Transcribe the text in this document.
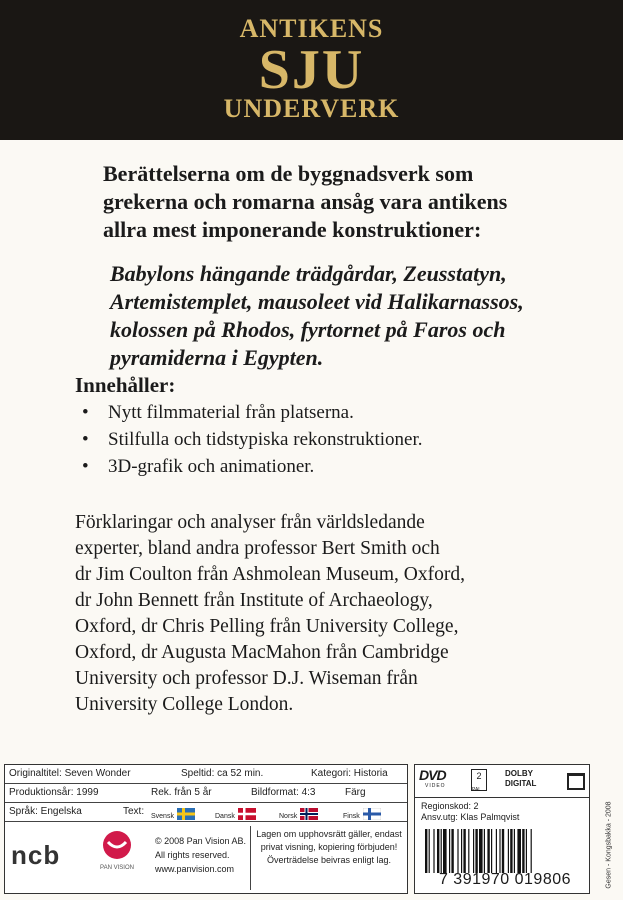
ANTIKENS
SJU
UNDERVERK
Berättelserna om de byggnadsverk som
grekerna och romarna ansåg vara antikens
allra mest imponerande konstruktioner:
Babylons hängande trädgårdar, Zeusstatyn,
Artemistemplet, mausoleet vid Halikarnassos,
kolossen på Rhodos, fyrtornet på Faros och
pyramiderna i Egypten.
Innehåller:
• Nytt filmmaterial från platserna.
• Stilfulla och tidstypiska rekonstruktioner.
• 3D-grafik och animationer.
Förklaringar och analyser från världsledande
experter, bland andra professor Bert Smith och
dr Jim Coulton från Ashmolean Museum, Oxford,
dr John Bennett från Institute of Archaeology,
Oxford, dr Chris Pelling från University College,
Oxford, dr Augusta MacMahon från Cambridge
University och professor D.J. Wiseman från
University College London.
Originaltitel: Seven Wonder	Speltid: ca 52 min.	Kategori: Historia
Produktionsår: 1999	Rek. från 5 år	Bildformat: 4:3	Färg
Språk: Engelska	Text: Svensk	Dansk	Norsk	Finsk
ncb	PAN VISION
© 2008 Pan Vision AB.
All rights reserved.
www.panvision.com
Lagen om upphovsrätt gäller, endast
privat visning, kopiering förbjuden!
Överträdelse beivras enligt lag.
DVD
VIDEO
2
PAL
DOLBY
DIGITAL
Regionskod: 2
Ansv.utg: Klas Palmqvist
7 391970 019806	Gesen - Kongsbakka - 2008
